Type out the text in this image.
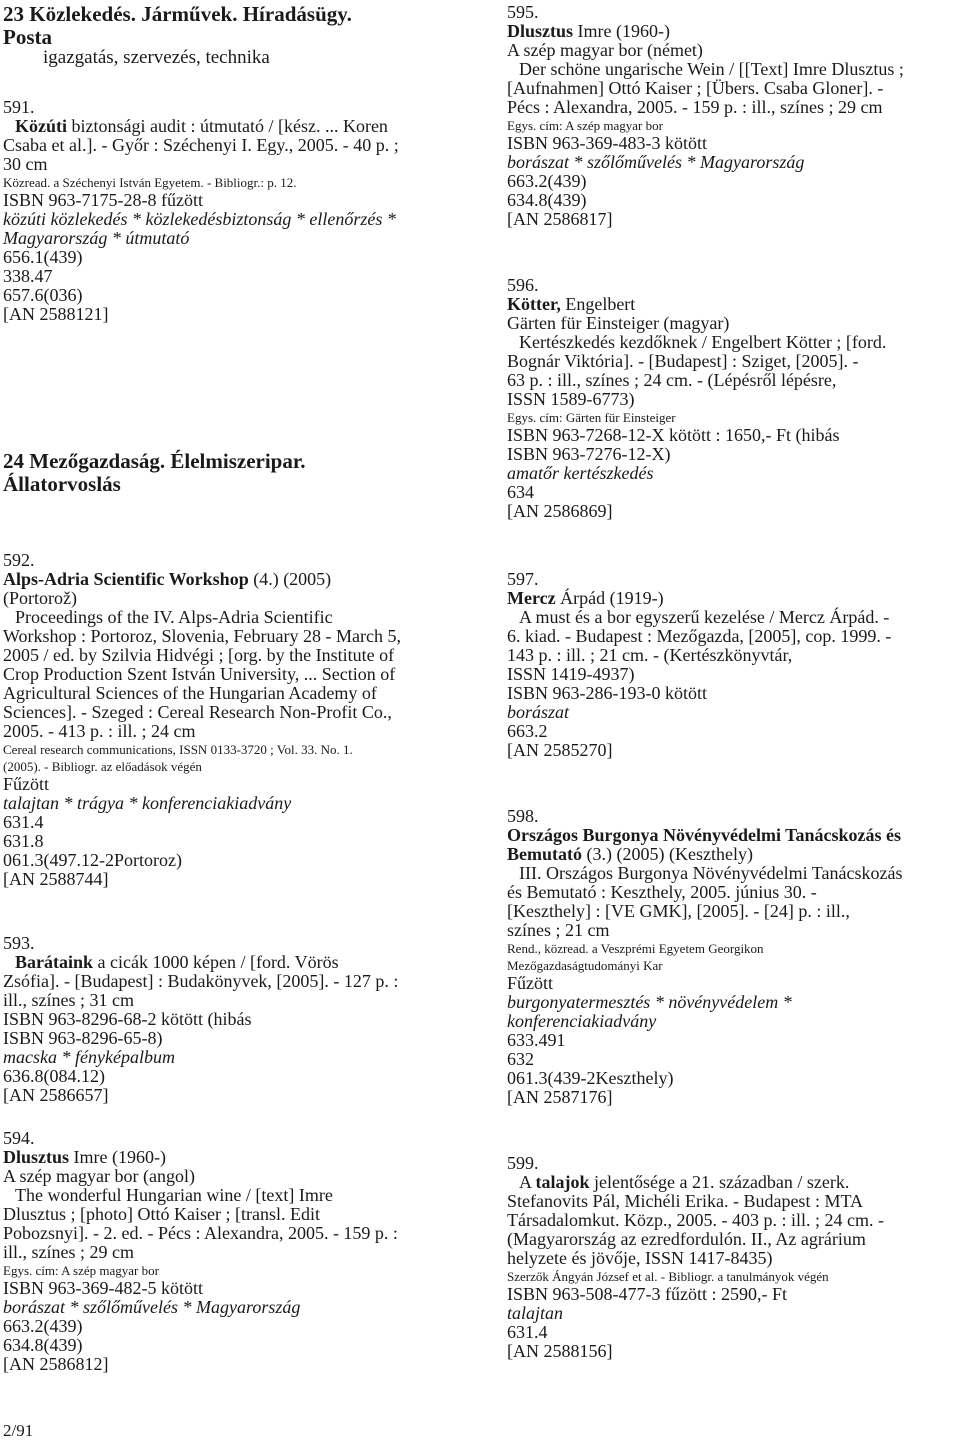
23 Közlekedés. Járművek. Híradásügy.
Posta
igazgatás, szervezés, technika
591.
Közúti biztonsági audit : útmutató / [kész. ... Koren
Csaba et al.]. - Győr : Széchenyi I. Egy., 2005. - 40 p. ;
30 cm
Közread. a Széchenyi István Egyetem. - Bibliogr.: p. 12.
ISBN 963-7175-28-8 fűzött
közúti közlekedés * közlekedésbiztonság * ellenőrzés *
Magyarország * útmutató
656.1(439)
338.47
657.6(036)
[AN 2588121]
24 Mezőgazdaság. Élelmiszeripar.
Állatorvoslás
592.
Alps-Adria Scientific Workshop (4.) (2005)
(Portorož)
Proceedings of the IV. Alps-Adria Scientific
Workshop : Portoroz, Slovenia, February 28 - March 5,
2005 / ed. by Szilvia Hidvégi ; [org. by the Institute of
Crop Production Szent István University, ... Section of
Agricultural Sciences of the Hungarian Academy of
Sciences]. - Szeged : Cereal Research Non-Profit Co.,
2005. - 413 p. : ill. ; 24 cm
Cereal research communications, ISSN 0133-3720 ; Vol. 33. No. 1.
(2005). - Bibliogr. az előadások végén
Fűzött
talajtan * trágya * konferenciakiadvány
631.4
631.8
061.3(497.12-2Portoroz)
[AN 2588744]
593.
Barátaink a cicák 1000 képen / [ford. Vörös
Zsófia]. - [Budapest] : Budakönyvek, [2005]. - 127 p. :
ill., színes ; 31 cm
ISBN 963-8296-68-2 kötött (hibás
ISBN 963-8296-65-8)
macska * fényképalbum
636.8(084.12)
[AN 2586657]
594.
Dlusztus Imre (1960-)
A szép magyar bor (angol)
The wonderful Hungarian wine / [text] Imre
Dlusztus ; [photo] Ottó Kaiser ; [transl. Edit
Pobozsnyi]. - 2. ed. - Pécs : Alexandra, 2005. - 159 p. :
ill., színes ; 29 cm
Egys. cím: A szép magyar bor
ISBN 963-369-482-5 kötött
borászat * szőlőművelés * Magyarország
663.2(439)
634.8(439)
[AN 2586812]
595.
Dlusztus Imre (1960-)
A szép magyar bor (német)
Der schöne ungarische Wein / [[Text] Imre Dlusztus ;
[Aufnahmen] Ottó Kaiser ; [Übers. Csaba Gloner]. -
Pécs : Alexandra, 2005. - 159 p. : ill., színes ; 29 cm
Egys. cím: A szép magyar bor
ISBN 963-369-483-3 kötött
borászat * szőlőművelés * Magyarország
663.2(439)
634.8(439)
[AN 2586817]
596.
Kötter, Engelbert
Gärten für Einsteiger (magyar)
Kertészkedés kezdőknek / Engelbert Kötter ; [ford.
Bognár Viktória]. - [Budapest] : Sziget, [2005]. -
63 p. : ill., színes ; 24 cm. - (Lépésről lépésre,
ISSN 1589-6773)
Egys. cím: Gärten für Einsteiger
ISBN 963-7268-12-X kötött : 1650,- Ft (hibás
ISBN 963-7276-12-X)
amatőr kertészkedés
634
[AN 2586869]
597.
Mercz Árpád (1919-)
A must és a bor egyszerű kezelése / Mercz Árpád. -
6. kiad. - Budapest : Mezőgazda, [2005], cop. 1999. -
143 p. : ill. ; 21 cm. - (Kertészkönyvtár,
ISSN 1419-4937)
ISBN 963-286-193-0 kötött
borászat
663.2
[AN 2585270]
598.
Országos Burgonya Növényvédelmi Tanácskozás és
Bemutató (3.) (2005) (Keszthely)
III. Országos Burgonya Növényvédelmi Tanácskozás
és Bemutató : Keszthely, 2005. június 30. -
[Keszthely] : [VE GMK], [2005]. - [24] p. : ill.,
színes ; 21 cm
Rend., közread. a Veszprémi Egyetem Georgikon
Mezőgazdaságtudományi Kar
Fűzött
burgonyatermesztés * növényvédelem *
konferenciakiadvány
633.491
632
061.3(439-2Keszthely)
[AN 2587176]
599.
A talajok jelentősége a 21. században / szerk.
Stefanovits Pál, Michéli Erika. - Budapest : MTA
Társadalomkut. Közp., 2005. - 403 p. : ill. ; 24 cm. -
(Magyarország az ezredfordulón. II., Az agrárium
helyzete és jövője, ISSN 1417-8435)
Szerzők Ángyán József et al. - Bibliogr. a tanulmányok végén
ISBN 963-508-477-3 fűzött : 2590,- Ft
talajtan
631.4
[AN 2588156]
2/91
